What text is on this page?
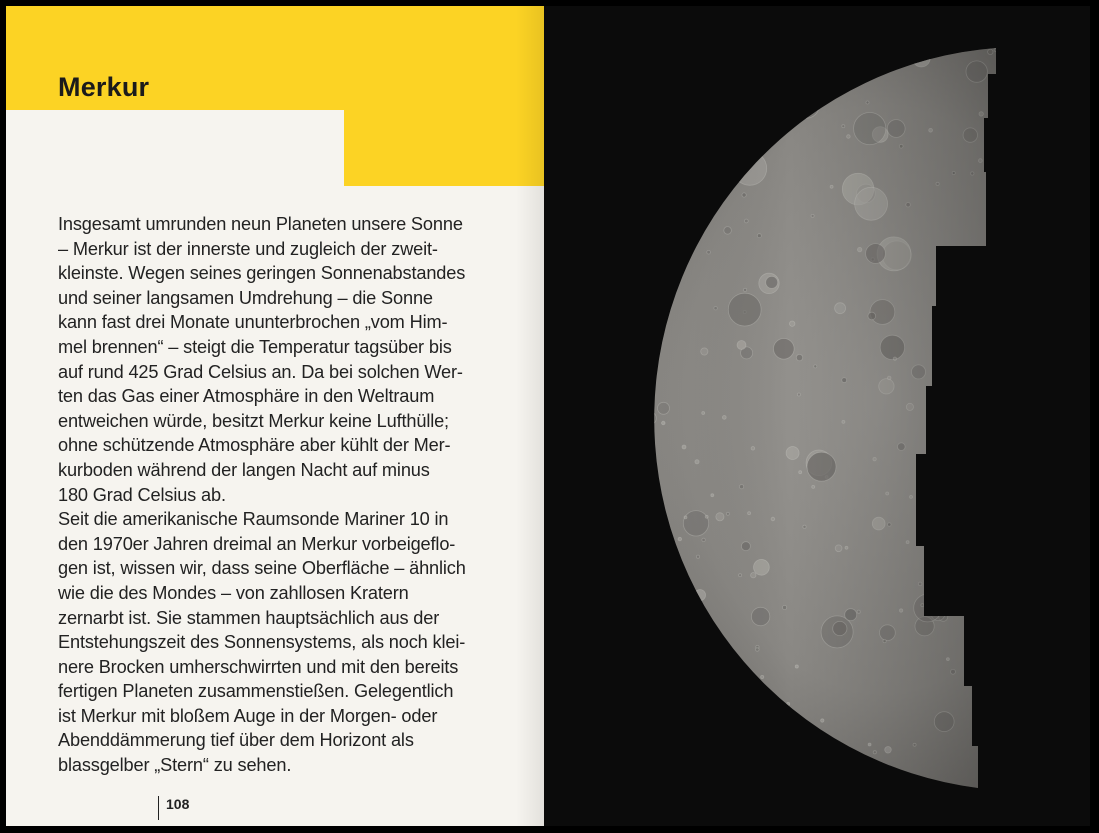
Merkur
Insgesamt umrunden neun Planeten unsere Sonne
– Merkur ist der innerste und zugleich der zweit-
kleinste. Wegen seines geringen Sonnenabstandes
und seiner langsamen Umdrehung – die Sonne
kann fast drei Monate ununterbrochen „vom Him-
mel brennen“ – steigt die Temperatur tagsüber bis
auf rund 425 Grad Celsius an. Da bei solchen Wer-
ten das Gas einer Atmosphäre in den Weltraum
entweichen würde, besitzt Merkur keine Lufthülle;
ohne schützende Atmosphäre aber kühlt der Mer-
kurboden während der langen Nacht auf minus
180 Grad Celsius ab.
Seit die amerikanische Raumsonde Mariner 10 in
den 1970er Jahren dreimal an Merkur vorbeigeflo-
gen ist, wissen wir, dass seine Oberfläche – ähnlich
wie die des Mondes – von zahllosen Kratern
zernarbt ist. Sie stammen hauptsächlich aus der
Entstehungszeit des Sonnensystems, als noch klei-
nere Brocken umherschwirrten und mit den bereits
fertigen Planeten zusammenstießen. Gelegentlich
ist Merkur mit bloßem Auge in der Morgen- oder
Abenddämmerung tief über dem Horizont als
blassgelber „Stern“ zu sehen.
108
